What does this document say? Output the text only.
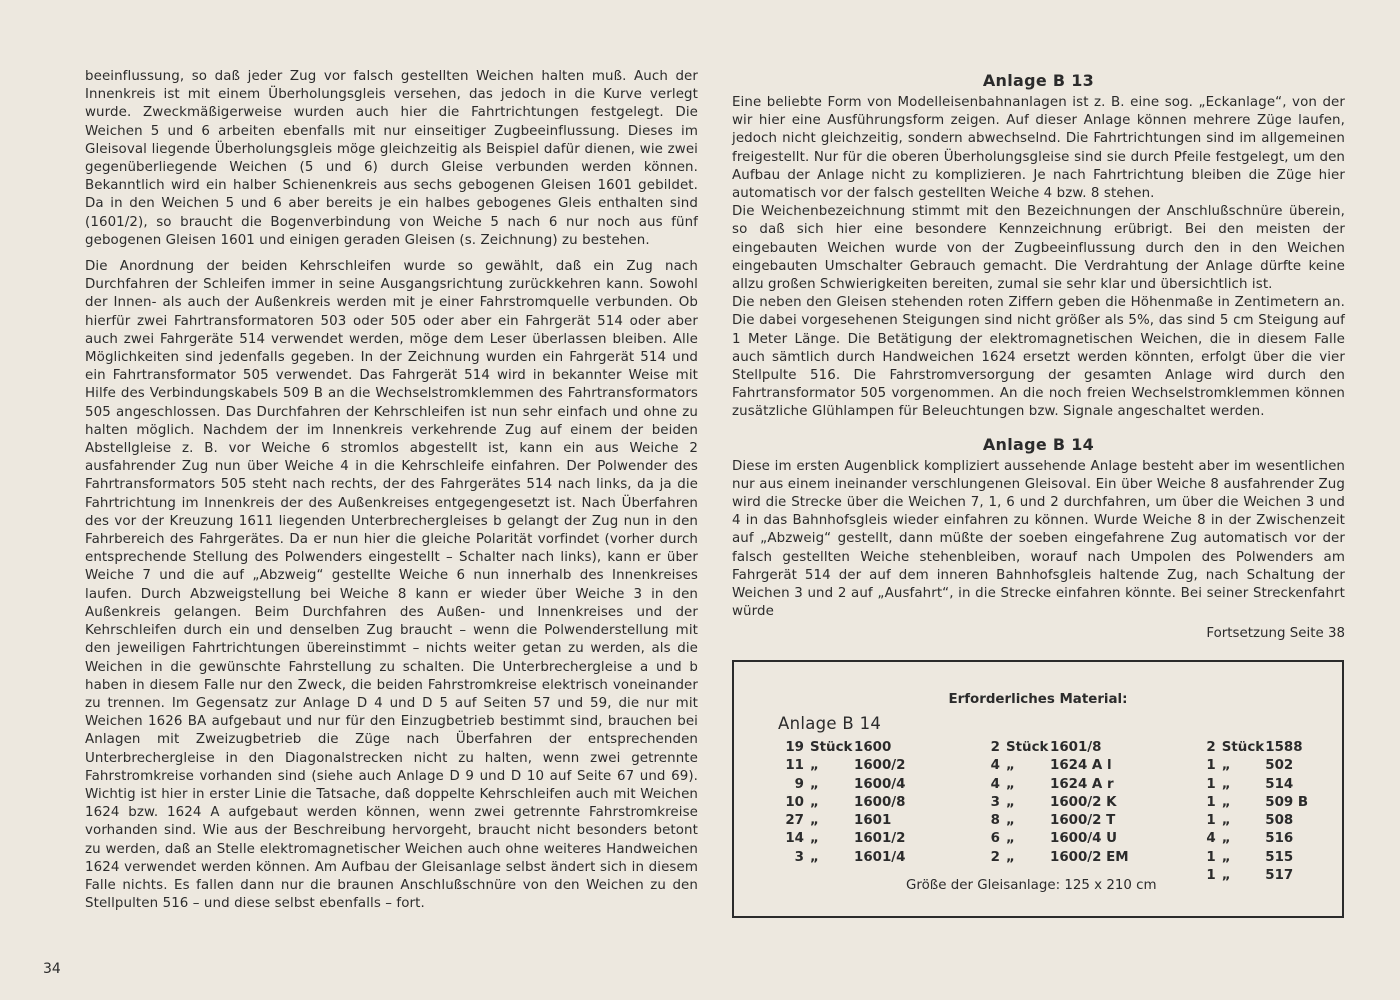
beeinflussung, so daß jeder Zug vor falsch gestellten Weichen halten muß. Auch der Innenkreis ist mit einem Überholungsgleis versehen, das jedoch in die Kurve verlegt wurde. Zweckmäßigerweise wurden auch hier die Fahrtrichtungen festgelegt. Die Weichen 5 und 6 arbeiten ebenfalls mit nur einseitiger Zugbeeinflussung. Dieses im Gleisoval liegende Überholungsgleis möge gleichzeitig als Beispiel dafür dienen, wie zwei gegenüberliegende Weichen (5 und 6) durch Gleise verbunden werden können. Bekanntlich wird ein halber Schienenkreis aus sechs gebogenen Gleisen 1601 gebildet. Da in den Weichen 5 und 6 aber bereits je ein halbes gebogenes Gleis enthalten sind (1601/2), so braucht die Bogenverbindung von Weiche 5 nach 6 nur noch aus fünf gebogenen Gleisen 1601 und einigen geraden Gleisen (s. Zeichnung) zu bestehen.

Die Anordnung der beiden Kehrschleifen wurde so gewählt, daß ein Zug nach Durchfahren der Schleifen immer in seine Ausgangsrichtung zurückkehren kann. Sowohl der Innen- als auch der Außenkreis werden mit je einer Fahrstromquelle verbunden. Ob hierfür zwei Fahrtransformatoren 503 oder 505 oder aber ein Fahrgerät 514 oder aber auch zwei Fahrgeräte 514 verwendet werden, möge dem Leser überlassen bleiben. Alle Möglichkeiten sind jedenfalls gegeben. In der Zeichnung wurden ein Fahrgerät 514 und ein Fahrtransformator 505 verwendet. Das Fahrgerät 514 wird in bekannter Weise mit Hilfe des Verbindungskabels 509 B an die Wechselstromklemmen des Fahrtransformators 505 angeschlossen. Das Durchfahren der Kehrschleifen ist nun sehr einfach und ohne zu halten möglich. Nachdem der im Innenkreis verkehrende Zug auf einem der beiden Abstellgleise z. B. vor Weiche 6 stromlos abgestellt ist, kann ein aus Weiche 2 ausfahrender Zug nun über Weiche 4 in die Kehrschleife einfahren. Der Polwender des Fahrtransformators 505 steht nach rechts, der des Fahrgerätes 514 nach links, da ja die Fahrtrichtung im Innenkreis der des Außenkreises entgegengesetzt ist. Nach Überfahren des vor der Kreuzung 1611 liegenden Unterbrechergleises b gelangt der Zug nun in den Fahrbereich des Fahrgerätes. Da er nun hier die gleiche Polarität vorfindet (vorher durch entsprechende Stellung des Polwenders eingestellt – Schalter nach links), kann er über Weiche 7 und die auf „Abzweig“ gestellte Weiche 6 nun innerhalb des Innenkreises laufen. Durch Abzweigstellung bei Weiche 8 kann er wieder über Weiche 3 in den Außenkreis gelangen. Beim Durchfahren des Außen- und Innenkreises und der Kehrschleifen durch ein und denselben Zug braucht – wenn die Polwenderstellung mit den jeweiligen Fahrtrichtungen übereinstimmt – nichts weiter getan zu werden, als die Weichen in die gewünschte Fahrstellung zu schalten. Die Unterbrechergleise a und b haben in diesem Falle nur den Zweck, die beiden Fahrstromkreise elektrisch voneinander zu trennen. Im Gegensatz zur Anlage D 4 und D 5 auf Seiten 57 und 59, die nur mit Weichen 1626 BA aufgebaut und nur für den Einzugbetrieb bestimmt sind, brauchen bei Anlagen mit Zweizugbetrieb die Züge nach Überfahren der entsprechenden Unterbrechergleise in den Diagonalstrecken nicht zu halten, wenn zwei getrennte Fahrstromkreise vorhanden sind (siehe auch Anlage D 9 und D 10 auf Seite 67 und 69). Wichtig ist hier in erster Linie die Tatsache, daß doppelte Kehrschleifen auch mit Weichen 1624 bzw. 1624 A aufgebaut werden können, wenn zwei getrennte Fahrstromkreise vorhanden sind. Wie aus der Beschreibung hervorgeht, braucht nicht besonders betont zu werden, daß an Stelle elektromagnetischer Weichen auch ohne weiteres Handweichen 1624 verwendet werden können. Am Aufbau der Gleisanlage selbst ändert sich in diesem Falle nichts. Es fallen dann nur die braunen Anschlußschnüre von den Weichen zu den Stellpulten 516 – und diese selbst ebenfalls – fort.

Anlage B 13

Eine beliebte Form von Modelleisenbahnanlagen ist z. B. eine sog. „Eckanlage“, von der wir hier eine Ausführungsform zeigen. Auf dieser Anlage können mehrere Züge laufen, jedoch nicht gleichzeitig, sondern abwechselnd. Die Fahrtrichtungen sind im allgemeinen freigestellt. Nur für die oberen Überholungsgleise sind sie durch Pfeile festgelegt, um den Aufbau der Anlage nicht zu komplizieren. Je nach Fahrtrichtung bleiben die Züge hier automatisch vor der falsch gestellten Weiche 4 bzw. 8 stehen.

Die Weichenbezeichnung stimmt mit den Bezeichnungen der Anschlußschnüre überein, so daß sich hier eine besondere Kennzeichnung erübrigt. Bei den meisten der eingebauten Weichen wurde von der Zugbeeinflussung durch den in den Weichen eingebauten Umschalter Gebrauch gemacht. Die Verdrahtung der Anlage dürfte keine allzu großen Schwierigkeiten bereiten, zumal sie sehr klar und übersichtlich ist.

Die neben den Gleisen stehenden roten Ziffern geben die Höhenmaße in Zentimetern an. Die dabei vorgesehenen Steigungen sind nicht größer als 5%, das sind 5 cm Steigung auf 1 Meter Länge. Die Betätigung der elektromagnetischen Weichen, die in diesem Falle auch sämtlich durch Handweichen 1624 ersetzt werden könnten, erfolgt über die vier Stellpulte 516. Die Fahrstromversorgung der gesamten Anlage wird durch den Fahrtransformator 505 vorgenommen. An die noch freien Wechselstromklemmen können zusätzliche Glühlampen für Beleuchtungen bzw. Signale angeschaltet werden.

Anlage B 14

Diese im ersten Augenblick kompliziert aussehende Anlage besteht aber im wesentlichen nur aus einem ineinander verschlungenen Gleisoval. Ein über Weiche 8 ausfahrender Zug wird die Strecke über die Weichen 7, 1, 6 und 2 durchfahren, um über die Weichen 3 und 4 in das Bahnhofsgleis wieder einfahren zu können. Wurde Weiche 8 in der Zwischenzeit auf „Abzweig“ gestellt, dann müßte der soeben eingefahrene Zug automatisch vor der falsch gestellten Weiche stehenbleiben, worauf nach Umpolen des Polwenders am Fahrgerät 514 der auf dem inneren Bahnhofsgleis haltende Zug, nach Schaltung der Weichen 3 und 2 auf „Ausfahrt“, in die Strecke einfahren könnte. Bei seiner Streckenfahrt würde

Fortsetzung Seite 38

Erforderliches Material:
Anlage B 14
19	Stück	1600
11	„	1600/2
9	„	1600/4
10	„	1600/8
27	„	1601
14	„	1601/2
3	„	1601/4
2	Stück	1601/8
4	„	1624 A l
4	„	1624 A r
3	„	1600/2 K
8	„	1600/2 T
6	„	1600/4 U
2	„	1600/2 EM
2	Stück	1588
1	„	502
1	„	514
1	„	509 B
1	„	508
4	„	516
1	„	515
1	„	517
Größe der Gleisanlage: 125 x 210 cm
34
